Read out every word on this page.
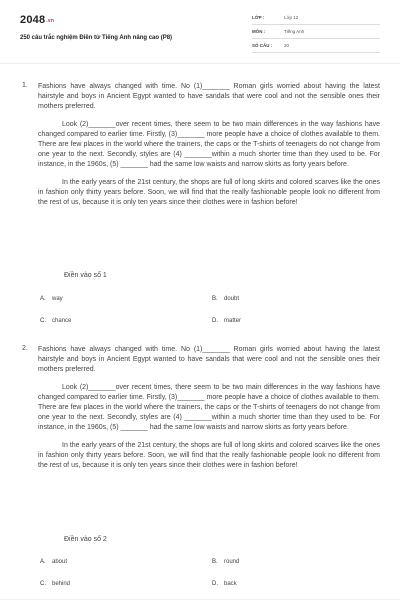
2048.vn
250 câu trắc nghiệm Điền từ Tiếng Anh nâng cao (P8)
LỚP :	Lớp 12
MÔN :	Tiếng Anh
SỐ CÂU :	20
1. Fashions have always changed with time. No (1)_______ Roman girls worried about having the latest hairstyle and boys in Ancient Egypt wanted to have sandals that were cool and not the sensible ones their mothers preferred.

Look (2)_______over recent times, there seem to be two main differences in the way fashions have changed compared to earlier time. Firstly, (3)_______ more people have a choice of clothes available to them. There are few places in the world where the trainers, the caps or the T-shirts of teenagers do not change from one year to the next. Secondly, styles are (4) _______within a much shorter time than they used to be. For instance, in the 1960s, (5) _______ had the same low waists and narrow skirts as forty years before.

In the early years of the 21st century, the shops are full of long skirts and colored scarves like the ones in fashion only thirty years before. Soon, we will find that the really fashionable people look no different from the rest of us, because it is only ten years since their clothes were in fashion before!

Điền vào số 1
A. way	B. doubt
C. chance	D. matter
2. Fashions have always changed with time. No (1)_______ Roman girls worried about having the latest hairstyle and boys in Ancient Egypt wanted to have sandals that were cool and not the sensible ones their mothers preferred.

Look (2)_______over recent times, there seem to be two main differences in the way fashions have changed compared to earlier time. Firstly, (3)_______ more people have a choice of clothes available to them. There are few places in the world where the trainers, the caps or the T-shirts of teenagers do not change from one year to the next. Secondly, styles are (4) _______within a much shorter time than they used to be. For instance, in the 1960s, (5) _______ had the same low waists and narrow skirts as forty years before.

In the early years of the 21st century, the shops are full of long skirts and colored scarves like the ones in fashion only thirty years before. Soon, we will find that the really fashionable people look no different from the rest of us, because it is only ten years since their clothes were in fashion before!

Điền vào số 2
A. about	B. round
C. behind	D. back
